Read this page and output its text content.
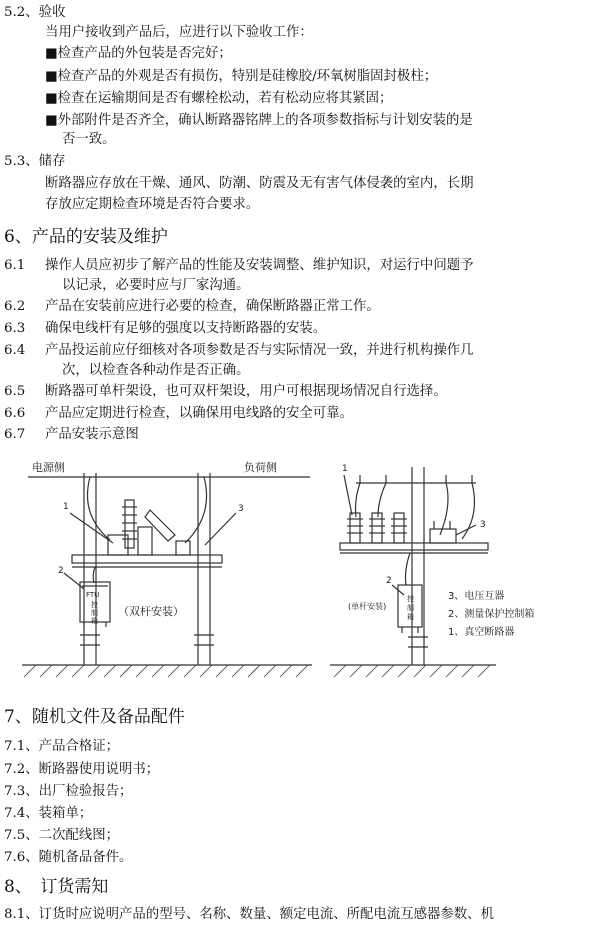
5.2、验收
当用户接收到产品后，应进行以下验收工作：
■检查产品的外包装是否完好；
■检查产品的外观是否有损伤，特别是硅橡胶/环氧树脂固封极柱；
■检查在运输期间是否有螺栓松动，若有松动应将其紧固；
■外部附件是否齐全，确认断路器铭牌上的各项参数指标与计划安装的是
否一致。
5.3、储存
断路器应存放在干燥、通风、防潮、防震及无有害气体侵袭的室内，长期
存放应定期检查环境是否符合要求。
6、产品的安装及维护
6.1 操作人员应初步了解产品的性能及安装调整、维护知识，对运行中问题予
以记录，必要时应与厂家沟通。
6.2 产品在安装前应进行必要的检查，确保断路器正常工作。
6.3 确保电线杆有足够的强度以支持断路器的安装。
6.4 产品投运前应仔细核对各项参数是否与实际情况一致，并进行机构操作几
次，以检查各种动作是否正确。
6.5 断路器可单杆架设，也可双杆架设，用户可根据现场情况自行选择。
6.6 产品应定期进行检查，以确保用电线路的安全可靠。
6.7 产品安装示意图
电源侧	负荷侧
1	3
2
FTU
（双杆安装）
1
3
2
(单杆安装)
3、电压互器
2、测量保护控制箱
1、真空断路器
控
制
箱
控
制
箱
控制箱
7、随机文件及备品配件
7.1、产品合格证；
7.2、断路器使用说明书；
7.3、出厂检验报告；
7.4、装箱单；
7.5、二次配线图；
7.6、随机备品备件。
8、　订货需知
8.1、订货时应说明产品的型号、名称、数量、额定电流、所配电流互感器参数、机
